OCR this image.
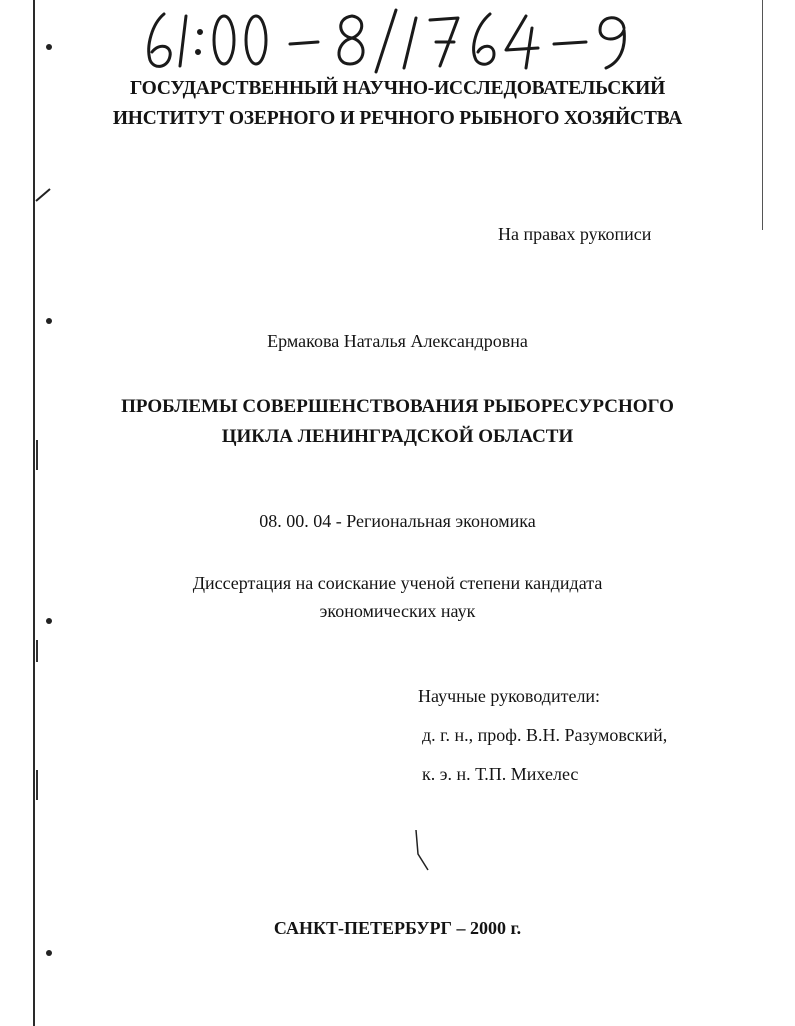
ГОСУДАРСТВЕННЫЙ НАУЧНО-ИССЛЕДОВАТЕЛЬСКИЙ
ИНСТИТУТ ОЗЕРНОГО И РЕЧНОГО РЫБНОГО ХОЗЯЙСТВА
На правах рукописи
Ермакова Наталья Александровна
ПРОБЛЕМЫ СОВЕРШЕНСТВОВАНИЯ РЫБОРЕСУРСНОГО
ЦИКЛА ЛЕНИНГРАДСКОЙ ОБЛАСТИ
08. 00. 04 - Региональная экономика
Диссертация на соискание ученой степени кандидата
экономических наук
Научные руководители:
д. г. н., проф. В.Н. Разумовский,
к. э. н. Т.П. Михелес
САНКТ-ПЕТЕРБУРГ – 2000 г.
